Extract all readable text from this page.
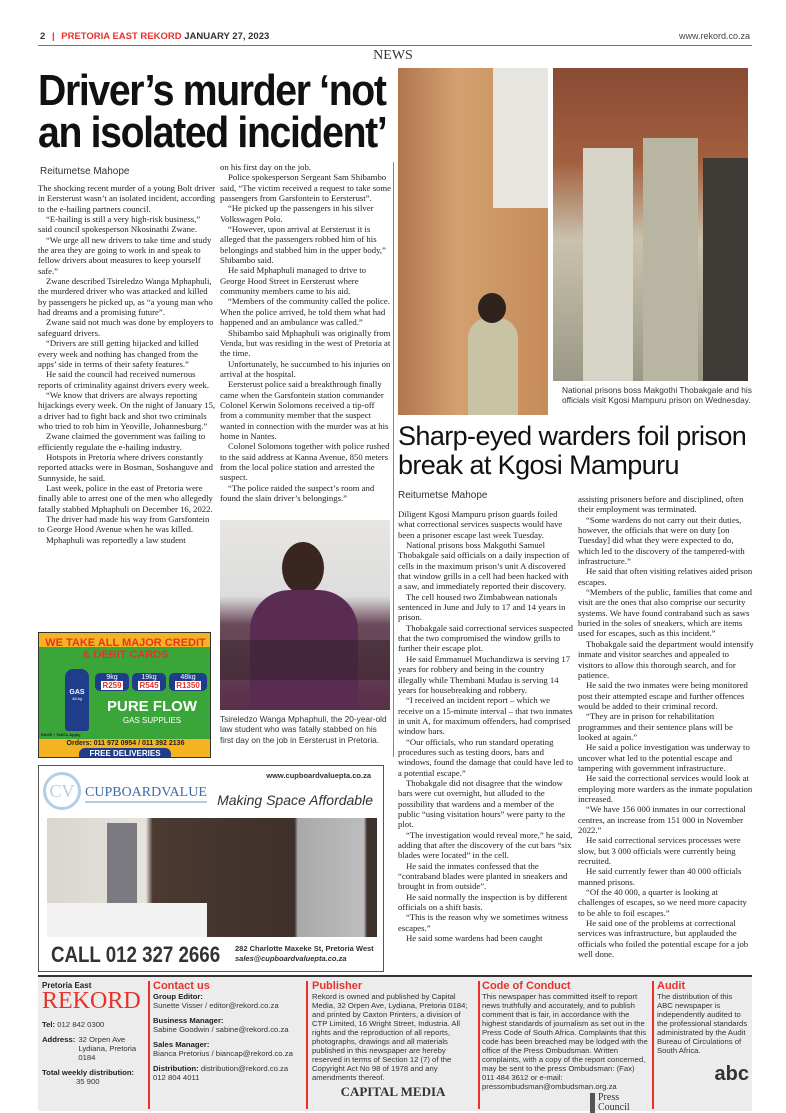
2 | PRETORIA EAST REKORD JANUARY 27, 2023	www.rekord.co.za
NEWS
Driver’s murder ‘not an isolated incident’
Reitumetse Mahope

The shocking recent murder of a young Bolt driver in Eersterust wasn’t an isolated incident, according to the e-hailing partners council.

“E-hailing is still a very high-risk business,” said council spokesperson Nkosinathi Zwane.

“We urge all new drivers to take time and study the area they are going to work in and speak to fellow drivers about measures to keep yourself safe.”

Zwane described Tsireledzo Wanga Mphaphuli, the murdered driver who was attacked and killed by passengers he picked up, as “a young man who had dreams and a promising future”.

Zwane said not much was done by employers to safeguard drivers.

“Drivers are still getting hijacked and killed every week and nothing has changed from the apps’ side in terms of their safety features.”

He said the council had received numerous reports of criminality against drivers every week.

“We know that drivers are always reporting hijackings every week. On the night of January 15, a driver had to fight back and shot two criminals who tried to rob him in Yeoville, Johannesburg.”

Zwane claimed the government was failing to efficiently regulate the e-hailing industry.

Hotspots in Pretoria where drivers constantly reported attacks were in Bosman, Soshanguve and Sunnyside, he said.

Last week, police in the east of Pretoria were finally able to arrest one of the men who allegedly fatally stabbed Mphaphuli on December 16, 2022.

The driver had made his way from Garsfontein to George Hood Avenue when he was killed.

Mphaphuli was reportedly a law student

on his first day on the job.

Police spokesperson Sergeant Sam Shibambo said, “The victim received a request to take some passengers from Garsfontein to Eersterust”.

“He picked up the passengers in his silver Volkswagen Polo.

“However, upon arrival at Eersterust it is alleged that the passengers robbed him of his belongings and stabbed him in the upper body,” Shibambo said.

He said Mphaphuli managed to drive to George Hood Street in Eersterust where community members came to his aid.

“Members of the community called the police. When the police arrived, he told them what had happened and an ambulance was called.”

Shibambo said Mphaphuli was originally from Venda, but was residing in the west of Pretoria at the time.

Unfortunately, he succumbed to his injuries on arrival at the hospital.

Eersterust police said a breakthrough finally came when the Garsfontein station commander Colonel Kerwin Solomons received a tip-off from a community member that the suspect wanted in connection with the murder was at his home in Nantes.

Colonel Solomons together with police rushed to the said address at Kanna Avenue, 850 meters from the local police station and arrested the suspect.

“The police raided the suspect’s room and found the slain driver’s belongings.”

Tsireledzo Wanga Mphaphuli, the 20-year-old law student who was fatally stabbed on his first day on the job in Eersterust in Pretoria.
National prisons boss Makgothi Thobakgale and his officials visit Kgosi Mampuru prison on Wednesday.
Sharp-eyed warders foil prison break at Kgosi Mampuru
Reitumetse Mahope

Diligent Kgosi Mampuru prison guards foiled what correctional services suspects would have been a prisoner escape last week Tuesday.

National prisons boss Makgothi Samuel Thobakgale said officials on a daily inspection of cells in the maximum prison’s unit A discovered that window grills in a cell had been hacked with a saw, and immediately reported their discovery.

The cell housed two Zimbabwean nationals sentenced in June and July to 17 and 14 years in prison.

Thobakgale said correctional services suspected that the two compromised the window grills to further their escape plot.

He said Emmanuel Muchandizwa is serving 17 years for robbery and being in the country illegally while Thembani Mudau is serving 14 years for housebreaking and robbery.

“I received an incident report – which we receive on a 15-minute interval – that two inmates in unit A, for maximum offenders, had comprised window bars.

“Our officials, who run standard operating procedures such as testing doors, bars and windows, found the damage that could have led to a potential escape.”

Thobakgale did not disagree that the window bars were cut overnight, but alluded to the possibility that wardens and a member of the public “using visitation hours” were party to the plot.

“The investigation would reveal more,” he said, adding that after the discovery of the cut bars “six blades were located” in the cell.

He said the inmates confessed that the “contraband blades were planted in sneakers and brought in from outside”.

He said normally the inspection is by different officials on a shift basis.

“This is the reason why we sometimes witness escapes.”

He said some wardens had been caught

assisting prisoners before and disciplined, often their employment was terminated.

“Some wardens do not carry out their duties, however, the officials that were on duty [on Tuesday] did what they were expected to do, which led to the discovery of the tampered-with infrastructure.”

He said that often visiting relatives aided prison escapes.

“Members of the public, families that come and visit are the ones that also comprise our security systems. We have found contraband such as saws buried in the soles of sneakers, which are items used for escapes, such as this incident.”

Thobakgale said the department would intensify inmate and visitor searches and appealed to visitors to allow this thorough search, and for patience.

He said the two inmates were being monitored post their attempted escape and further offences would be added to their criminal record.

“They are in prison for rehabilitation programmes and their sentence plans will be looked at again.”

He said a police investigation was underway to uncover what led to the potential escape and tampering with government infrastructure.

He said the correctional services would look at employing more warders as the inmate population increased.

“We have 156 000 inmates in our correctional centres, an increase from 151 000 in November 2022.”

He said correctional services processes were slow, but 3 000 officials were currently being recruited.

He said currently fewer than 40 000 officials manned prisons.

“Of the 40 000, a quarter is looking at challenges of escapes, so we need more capacity to be able to foil escapes.”

He said one of the problems at correctional services was infrastructure, but applauded the officials who foiled the potential escape for a job well done.

WE TAKE ALL MAJOR CREDIT & DEBIT CARDS
GAS
48 kg
9kg
R259
19kg
R545
48kg
R1350
PURE FLOW
GAS SUPPLIES
E&OE • Ts&Cs Apply
Orders: 011 972 0954 / 011 392 2136
FREE DELIVERIES
CV CUPBOARDVALUE
www.cupboardvaluepta.co.za
Making Space Affordable
CALL 012 327 2666 282 Charlotte Maxeke St, Pretoria West
sales@cupboardvaluepta.co.za
Pretoria East
REKORD
Tel: 012 842 0300
Address: 32 Orpen Ave
Lydiana, Pretoria
0184
Total weekly distribution:
35 900
Contact us
Group Editor:
Sunette Visser / editor@rekord.co.za
Business Manager:
Sabine Goodwin / sabine@rekord.co.za
Sales Manager:
Bianca Pretorius / biancap@rekord.co.za
Distribution: distribution@rekord.co.za
012 804 4011
Publisher
Rekord is owned and published by Capital Media, 32 Orpen Ave, Lydiana, Pretoria 0184; and printed by Caxton Printers, a division of CTP Limited, 16 Wright Street, Industria. All rights and the reproduction of all reports, photographs, drawings and all materials published in this newspaper are hereby reserved in terms of Section 12 (7) of the Copyright Act No 98 of 1978 and any amendments thereof.
CAPITAL MEDIA
Code of Conduct
This newspaper has committed itself to report news truthfully and accurately, and to publish comment that is fair, in accordance with the highest standards of journalism as set out in the Press Code of South Africa. Complaints that this code has been breached may be lodged with the office of the Press Ombudsman. Written complaints, with a copy of the report concerned, may be sent to the press Ombudsman: (Fax) 011 484 3612 or e-mail: pressombudsman@ombudsman.org.za
Press Council
Audit
The distribution of this ABC newspaper is independently audited to the professional standards administrated by the Audit Bureau of Circulations of South Africa.
abc
